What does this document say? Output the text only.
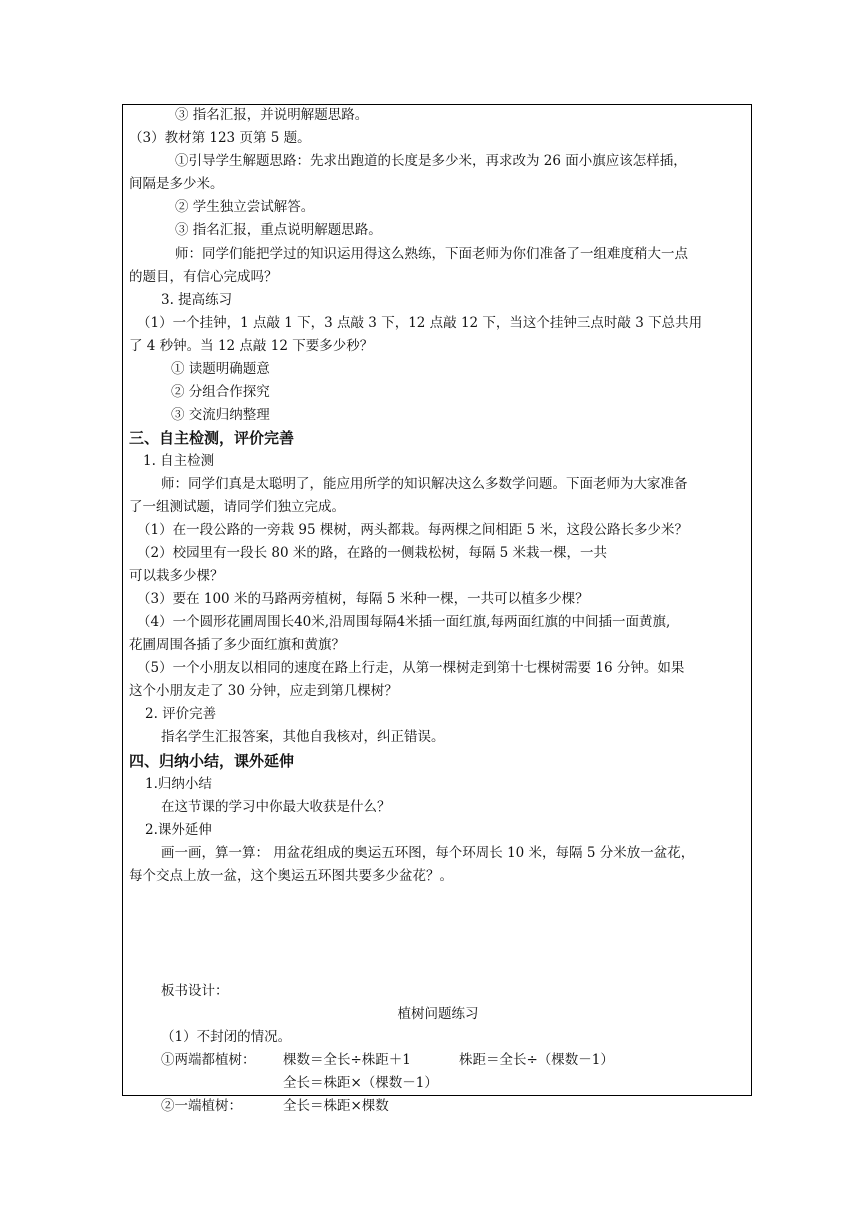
③ 指名汇报，并说明解题思路。
（3）教材第 123 页第 5 题。
①引导学生解题思路：先求出跑道的长度是多少米，再求改为 26 面小旗应该怎样插，
间隔是多少米。
② 学生独立尝试解答。
③ 指名汇报，重点说明解题思路。
师：同学们能把学过的知识运用得这么熟练，下面老师为你们准备了一组难度稍大一点
的题目，有信心完成吗？
3. 提高练习
（1）一个挂钟，1 点敲 1 下，3 点敲 3 下，12 点敲 12 下，当这个挂钟三点时敲 3 下总共用
了 4 秒钟。当 12 点敲 12 下要多少秒？
① 读题明确题意
② 分组合作探究
③ 交流归纳整理
三、自主检测，评价完善
1. 自主检测
师：同学们真是太聪明了，能应用所学的知识解决这么多数学问题。下面老师为大家准备
了一组测试题，请同学们独立完成。
（1）在一段公路的一旁栽 95 棵树，两头都栽。每两棵之间相距 5 米，这段公路长多少米？
（2）校园里有一段长 80 米的路，在路的一侧栽松树，每隔 5 米栽一棵，一共
可以栽多少棵？
（3）要在 100 米的马路两旁植树，每隔 5 米种一棵，一共可以植多少棵？
（4）一个圆形花圃周围长40米,沿周围每隔4米插一面红旗,每两面红旗的中间插一面黄旗,
花圃周围各插了多少面红旗和黄旗？
（5）一个小朋友以相同的速度在路上行走，从第一棵树走到第十七棵树需要 16 分钟。如果
这个小朋友走了 30 分钟，应走到第几棵树？
2. 评价完善
指名学生汇报答案，其他自我核对，纠正错误。
四、归纳小结，课外延伸
1.归纳小结
在这节课的学习中你最大收获是什么？
2.课外延伸
画一画，算一算： 用盆花组成的奥运五环图，每个环周长 10 米，每隔 5 分米放一盆花，
每个交点上放一盆，这个奥运五环图共要多少盆花？。
板书设计：
植树问题练习
（1）不封闭的情况。
①两端都植树： 棵数＝全长÷株距＋1	株距＝全长÷（棵数－1）
全长＝株距×（棵数－1）
②一端植树：	全长＝株距×棵数
